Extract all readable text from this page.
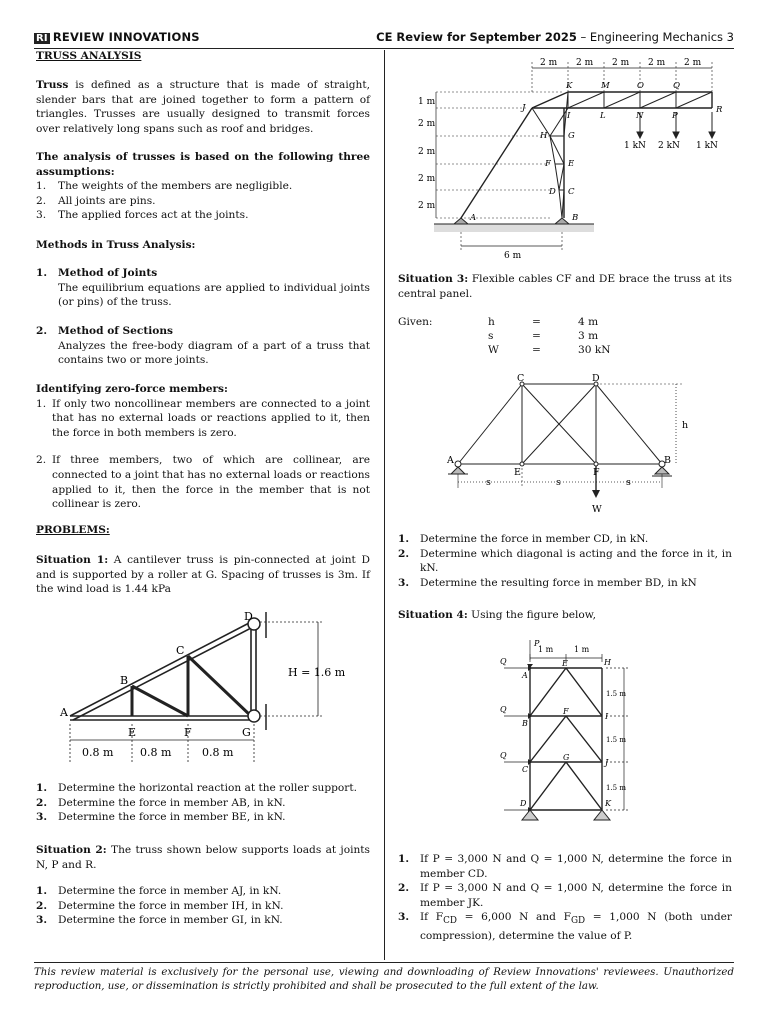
RI REVIEW INNOVATIONS	CE Review for September 2025 – Engineering Mechanics 3
TRUSS ANALYSIS

Truss is defined as a structure that is made of straight, slender bars that are joined together to form a pattern of triangles. Trusses are usually designed to transmit forces over relatively long spans such as roof and bridges.

The analysis of trusses is based on the following three assumptions:

1. The weights of the members are negligible.
2. All joints are pins.
3. The applied forces act at the joints.

Methods in Truss Analysis:

1. Method of Joints

The equilibrium equations are applied to individual joints (or pins) of the truss.

2. Method of Sections

Analyzes the free-body diagram of a part of a truss that contains two or more joints.

Identifying zero-force members:

1. If only two noncollinear members are connected to a joint that has no external loads or reactions applied to it, then the force in both members is zero.
2. If three members, two of which are collinear, are connected to a joint that has no external loads or reactions applied to it, then the force in the member that is not collinear is zero.
PROBLEMS:

Situation 1: A cantilever truss is pin-connected at joint D and is supported by a roller at G. Spacing of trusses is 3m. If the wind load is 1.44 kPa

A
B
C
D
E	F	G
H = 1.6 m
0.8 m 0.8 m	0.8 m
1. Determine the horizontal reaction at the roller support.
2. Determine the force in member AB, in kN.
3. Determine the force in member BE, in kN.

Situation 2: The truss shown below supports loads at joints N, P and R.

1. Determine the force in member AJ, in kN.
2. Determine the force in member IH, in kN.
3. Determine the force in member GI, in kN.
2 m 2 m 2 m 2 m 2 m
1 m
2 m
2 m
2 m
2 m
K	M	O	Q
J
I	L	N	P
R
H G
F E
D C
A	B
1 kN 2 kN 1 kN
6 m

Situation 3: Flexible cables CF and DE brace the truss at its central panel.

Given:	h	=	4 m
s	=	3 m
W	=	30 kN
C	D
A
E	F
B
h
s	s	s
W
1. Determine the force in member CD, in kN.
2. Determine which diagonal is acting and the force in it, in kN.
3. Determine the resulting force in member BD, in kN

Situation 4: Using the figure below,

P
Q
Q
Q
1 m	1 m
1.5 m
1.5 m
1.5 m
E	H
A
F
I
B
G
J
C
D	K
1. If P = 3,000 N and Q = 1,000 N, determine the force in member CD.
2. If P = 3,000 N and Q = 1,000 N, determine the force in member JK.
3. If $F_{CD} = 6,000$ N and $F_{GD} = 1,000$ N (both under compression), determine the value of P.
This review material is exclusively for the personal use, viewing and downloading of Review Innovations' reviewees. Unauthorized reproduction, use, or dissemination is strictly prohibited and shall be prosecuted to the full extent of the law.
